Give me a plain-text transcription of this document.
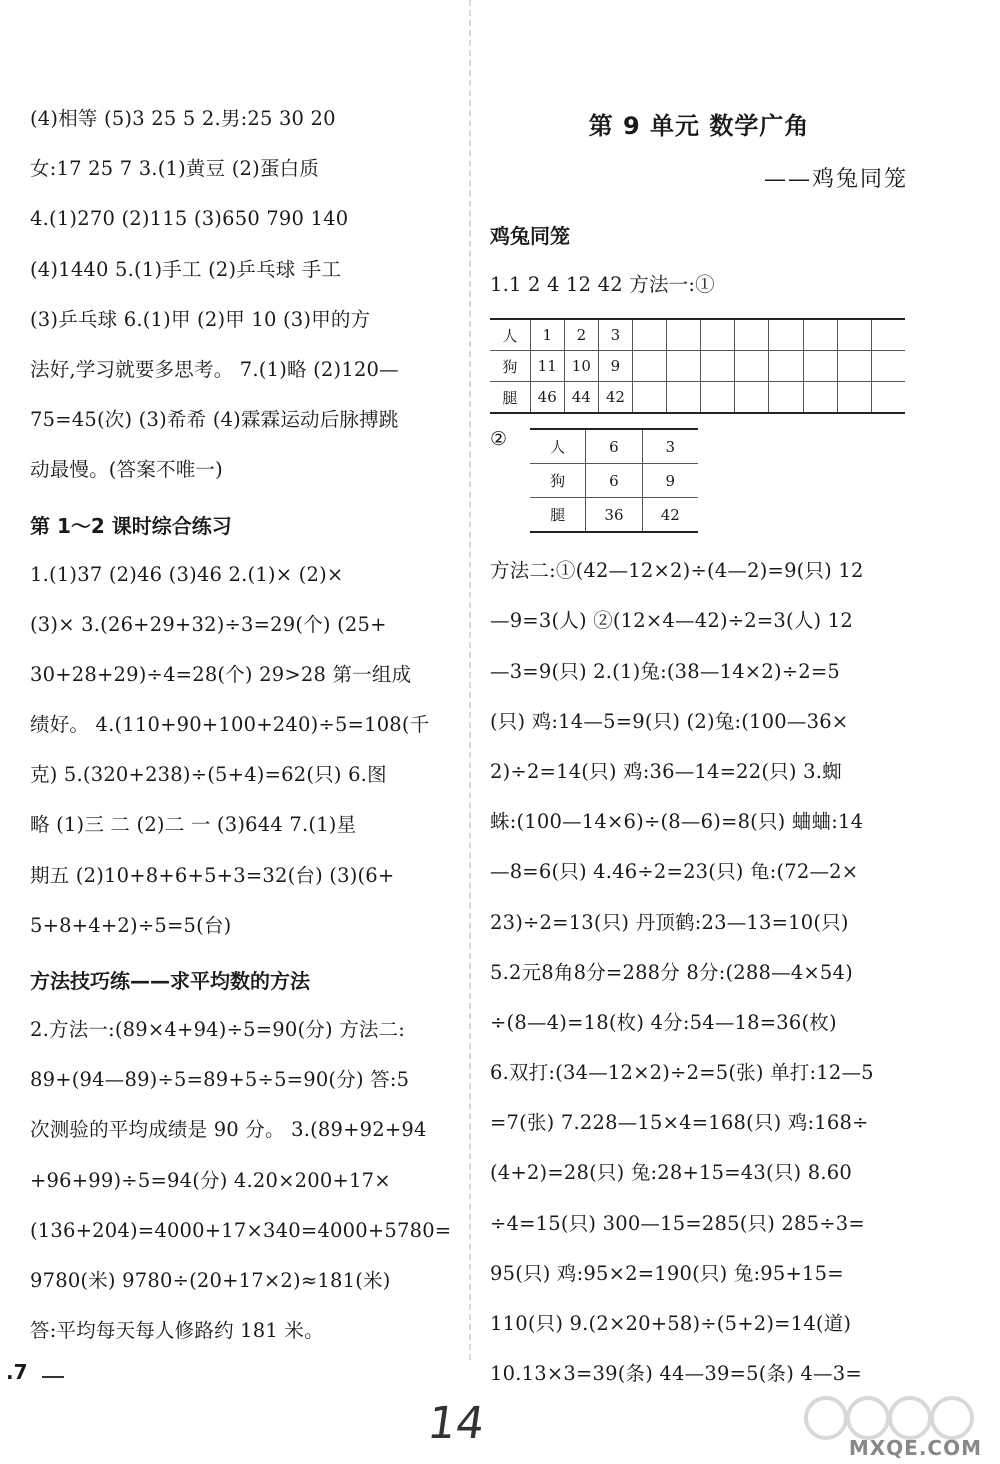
(4)相等 (5)3 25 5 2.男:25 30 20
女:17 25 7 3.(1)黄豆 (2)蛋白质
4.(1)270 (2)115 (3)650 790 140
(4)1440 5.(1)手工 (2)乒乓球 手工
(3)乒乓球 6.(1)甲 (2)甲 10 (3)甲的方
法好,学习就要多思考。 7.(1)略 (2)120—
75=45(次) (3)希希 (4)霖霖运动后脉搏跳
动最慢。(答案不唯一)
第 1～2 课时综合练习
1.(1)37 (2)46 (3)46 2.(1)× (2)×
(3)× 3.(26+29+32)÷3=29(个) (25+
30+28+29)÷4=28(个) 29>28 第一组成
绩好。 4.(110+90+100+240)÷5=108(千
克) 5.(320+238)÷(5+4)=62(只) 6.图
略 (1)三 二 (2)二 一 (3)644 7.(1)星
期五 (2)10+8+6+5+3=32(台) (3)(6+
5+8+4+2)÷5=5(台)
方法技巧练——求平均数的方法
2.方法一:(89×4+94)÷5=90(分) 方法二:
89+(94—89)÷5=89+5÷5=90(分) 答:5
次测验的平均成绩是 90 分。 3.(89+92+94
+96+99)÷5=94(分) 4.20×200+17×
(136+204)=4000+17×340=4000+5780=
9780(米) 9780÷(20+17×2)≈181(米)
答:平均每天每人修路约 181 米。
第 9 单元 数学广角
——鸡兔同笼
鸡兔同笼
1.1 2 4 12 42 方法一:①
人	1	2	3								
狗	11	10	9								
腿	46	44	42								
②	人	6	3
狗	6	9
腿	36	42
方法二:①(42—12×2)÷(4—2)=9(只) 12
—9=3(人) ②(12×4—42)÷2=3(人) 12
—3=9(只) 2.(1)兔:(38—14×2)÷2=5
(只) 鸡:14—5=9(只) (2)兔:(100—36×
2)÷2=14(只) 鸡:36—14=22(只) 3.蜘
蛛:(100—14×6)÷(8—6)=8(只) 蛐蛐:14
—8=6(只) 4.46÷2=23(只) 龟:(72—2×
23)÷2=13(只) 丹顶鹤:23—13=10(只)
5.2元8角8分=288分 8分:(288—4×54)
÷(8—4)=18(枚) 4分:54—18=36(枚)
6.双打:(34—12×2)÷2=5(张) 单打:12—5
=7(张) 7.228—15×4=168(只) 鸡:168÷
(4+2)=28(只) 兔:28+15=43(只) 8.60
÷4=15(只) 300—15=285(只) 285÷3=
95(只) 鸡:95×2=190(只) 兔:95+15=
110(只) 9.(2×20+58)÷(5+2)=14(道)
10.13×3=39(条) 44—39=5(条) 4—3=
.7
14	MXQE.COM
